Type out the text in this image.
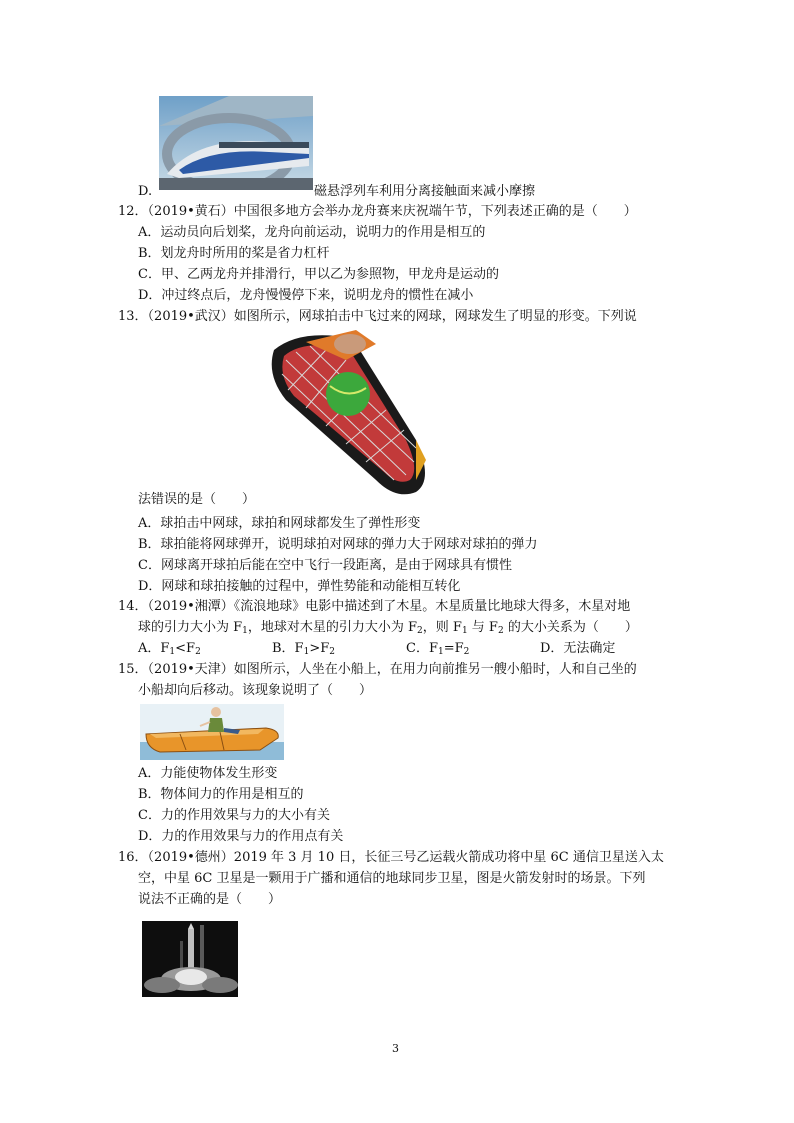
D.	磁悬浮列车利用分离接触面来减小摩擦
12．（2019•黄石）中国很多地方会举办龙舟赛来庆祝端午节，下列表述正确的是（　　）
A．运动员向后划桨，龙舟向前运动，说明力的作用是相互的
B．划龙舟时所用的桨是省力杠杆
C．甲、乙两龙舟并排滑行，甲以乙为参照物，甲龙舟是运动的
D．冲过终点后，龙舟慢慢停下来，说明龙舟的惯性在减小
13．（2019•武汉）如图所示，网球拍击中飞过来的网球，网球发生了明显的形变。下列说
法错误的是（　　）
A．球拍击中网球，球拍和网球都发生了弹性形变
B．球拍能将网球弹开，说明球拍对网球的弹力大于网球对球拍的弹力
C．网球离开球拍后能在空中飞行一段距离，是由于网球具有惯性
D．网球和球拍接触的过程中，弹性势能和动能相互转化
14．（2019•湘潭）《流浪地球》电影中描述到了木星。木星质量比地球大得多，木星对地
球的引力大小为 $F_1$，地球对木星的引力大小为 $F_2$，则 $F_1$ 与 $F_2$ 的大小关系为（　　）
A．$F_1<F_2$	B．$F_1>F_2$	C．$F_1=F_2$	D．无法确定
15．（2019•天津）如图所示，人坐在小船上，在用力向前推另一艘小船时，人和自己坐的
小船却向后移动。该现象说明了（　　）
A．力能使物体发生形变
B．物体间力的作用是相互的
C．力的作用效果与力的大小有关
D．力的作用效果与力的作用点有关
16．（2019•德州）2019 年 3 月 10 日，长征三号乙运载火箭成功将中星 6C 通信卫星送入太
空，中星 6C 卫星是一颗用于广播和通信的地球同步卫星，图是火箭发射时的场景。下列
说法不正确的是（　　）
3
